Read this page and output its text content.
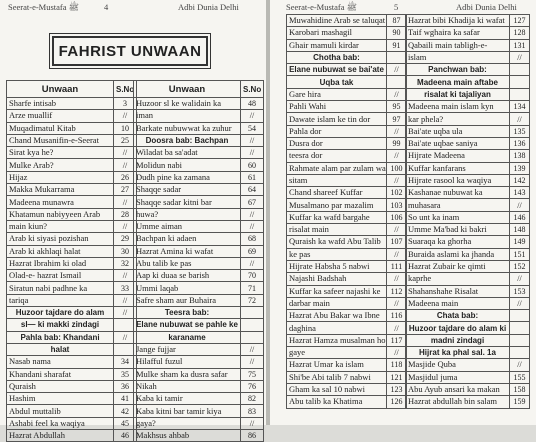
Seerat-e-Mustafa ﷺ	4	Adbi Dunia Delhi
FAHRIST UNWAAN
Unwaan	S.No
Sharfe intisab	3
Arze muallif	//
Muqadimatul Kitab	10
Chand Musanifin-e-Seerat	25
Sirat kya he?	//
Mulke Arab?	//
Hijaz	26
Makka Mukarrama	27
Madeena munawra	//
Khatamun nabiyyeen Arab	28
main kiun?	//
Arab ki siyasi pozishan	29
Arab ki akhlaqi halat	30
Hazrat Ibrahim ki olad	32
Olad-e- hazrat Ismail	//
Siratun nabi padhne ka	33
tariqa	//
Huzoor tajdare do alam	//
sl— ki makki zindagi	
Pahla bab: Khandani	//
halat	
Nasab nama	34
Khandani sharafat	35
Quraish	36
Hashim	41
Abdul muttalib	42
Ashabi feel ka waqiya	45
Hazrat Abdullah	46
Unwaan	S.No
Huzoor sl ke walidain ka	48
iman	//
Barkate nubuwwat ka zuhur	54
Doosra bab: Bachpan	//
Wiladat ba sa'adat	//
Molidun nabi	60
Dudh pine ka zamana	61
Shaqqe sadar	64
Shaqqe sadar kitni bar	67
huwa?	//
Umme aiman	//
Bachpan ki adaen	68
Hazrat Amina ki wafat	69
Abu talib ke pas	//
Aap ki duaa se barish	70
Ummi laqab	71
Safre sham aur Buhaira	72
Teesra bab:	
Elane nubuwat se pahle ke	
karaname	
Jange fujjar	//
Hilafful fuzul	//
Mulke sham ka dusra safar	75
Nikah	76
Kaba ki tamir	82
Kaba kitni bar tamir kiya	83
gaya?	//
Makhsus ahbab	86
Seerat-e-Mustafa ﷺ	5	Adbi Dunia Delhi
Muwahidine Arab se taluqat	87
Karobari mashagil	90
Ghair mamuli kirdar	91
Chotha bab:	
Elane nubuwat se bai'ate	//
Uqba tak	
Gare hira	//
Pahli Wahi	95
Dawate islam ke tin dor	97
Pahla dor	//
Dusra dor	99
teesra dor	//
Rahmate alam par zulam wa	100
sitam	//
Chand shareef Kuffar	102
Musalmano par mazalim	103
Kuffar ka wafd bargahe	106
risalat main	//
Quraish ka wafd Abu Talib	107
ke pas	//
Hijrate Habsha 5 nabwi	111
Najashi Badshah	//
Kuffar ka safeer najashi ke	112
darbar main	//
Hazrat Abu Bakar wa Ibne	116
daghina	//
Hazrat Hamza musalman ho	117
gaye	//
Hazrat Umar ka islam	118
Shi'be Abi talib 7 nabwi	121
Gham ka sal 10 nabwi	123
Abu talib ka Khatima	126
Hazrat bibi Khadija ki wafat	127
Taif wghaira ka safar	128
Qabaili main tabligh-e-	131
islam	//
Panchwan bab:	
Madeena main aftabe	
risalat ki tajaliyan	
Madeena main islam kyn	134
kar phela?	//
Bai'ate uqba ula	135
Bai'ate uqbae saniya	136
Hijrate Madeena	138
Kuffar kanfarans	139
Hijrate rasool ka waqiya	142
Kashanae nubuwat ka	143
muhasara	//
So unt ka inam	146
Umme Ma'bad ki bakri	148
Suaraqa ka ghorha	149
Buraida aslami ka jhanda	151
Hazrat Zubair ke qimti	152
kaprhe	//
Shahanshahe Risalat	153
Madeena main	//
Chata bab:	
Huzoor tajdare do alam ki	
madni zindagi	
Hijrat ka phal sal. 1a	
Masjide Quba	//
Masjidul juma	155
Abu Ayub ansari ka makan	158
Hazrat abdullah bin salam	159
